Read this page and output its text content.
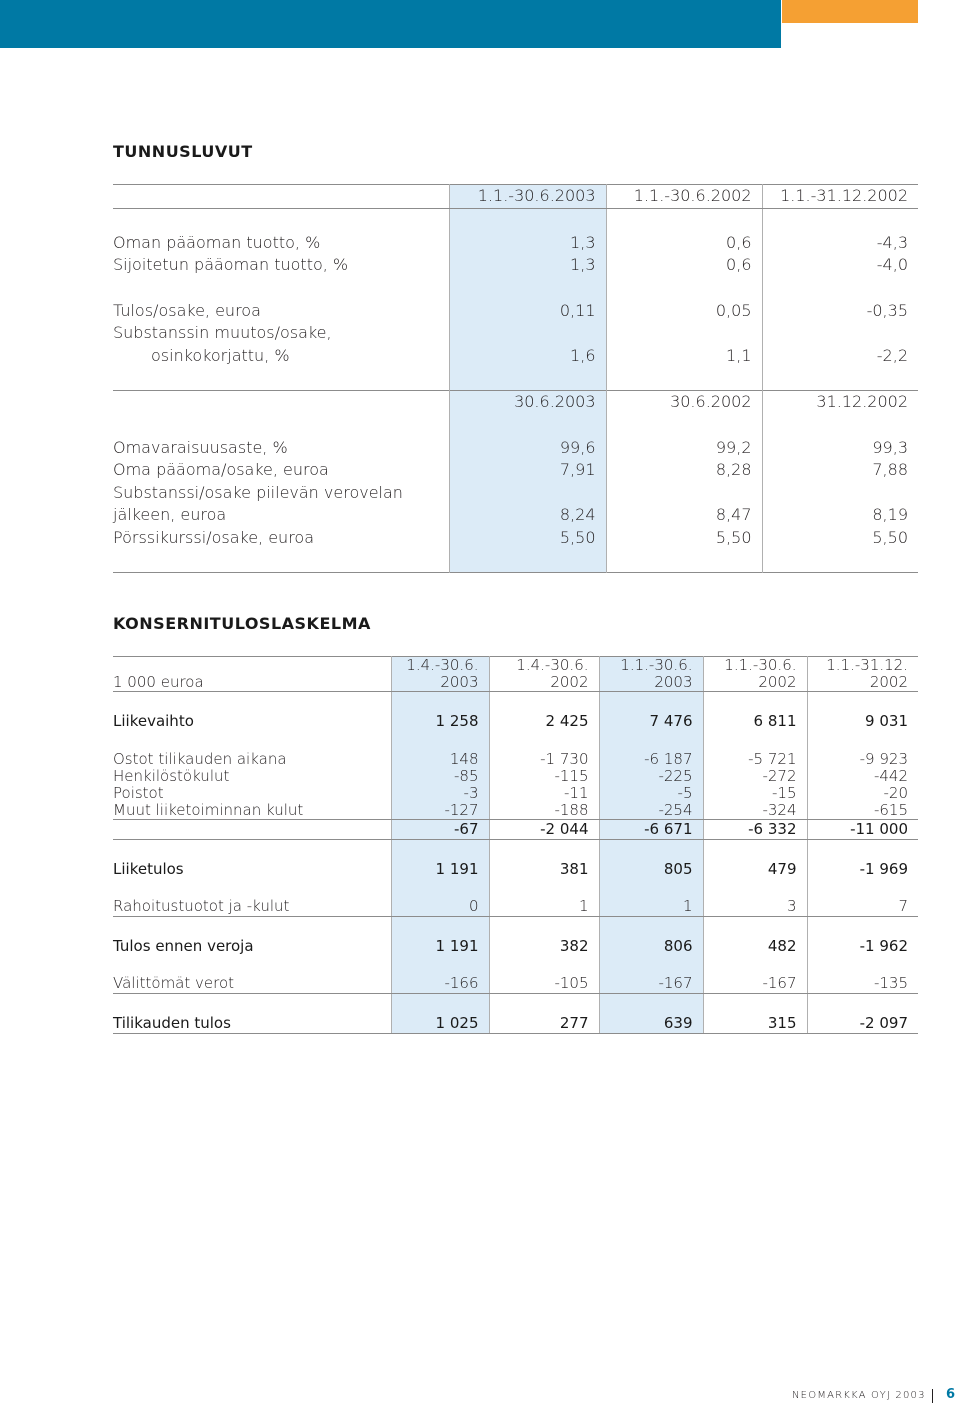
TUNNUSLUVUT
	1.1.-30.6.2003	1.1.-30.6.2002	1.1.-31.12.2002

Oman pääoman tuotto, %	1,3	0,6	-4,3
Sijoitetun pääoman tuotto, %	1,3	0,6	-4,0

Tulos/osake, euroa	0,11	0,05	-0,35
Substanssin muutos/osake,			
osinkokorjattu, %	1,6	1,1	-2,2

	30.6.2003	30.6.2002	31.12.2002

Omavaraisuusaste, %	99,6	99,2	99,3
Oma pääoma/osake, euroa	7,91	8,28	7,88
Substanssi/osake piilevän verovelan			
jälkeen, euroa	8,24	8,47	8,19
Pörssikurssi/osake, euroa	5,50	5,50	5,50

KONSERNITULOSLASKELMA
	1.4.-30.6.	1.4.-30.6.	1.1.-30.6.	1.1.-30.6.	1.1.-31.12.
1 000 euroa	2003	2002	2003	2002	2002

Liikevaihto	1 258	2 425	7 476	6 811	9 031

Ostot tilikauden aikana	148	-1 730	-6 187	-5 721	-9 923
Henkilöstökulut	-85	-115	-225	-272	-442
Poistot	-3	-11	-5	-15	-20
Muut liiketoiminnan kulut	-127	-188	-254	-324	-615
	-67	-2 044	-6 671	-6 332	-11 000

Liiketulos	1 191	381	805	479	-1 969

Rahoitustuotot ja -kulut	0	1	1	3	7

Tulos ennen veroja	1 191	382	806	482	-1 962

Välittömät verot	-166	-105	-167	-167	-135

Tilikauden tulos	1 025	277	639	315	-2 097
NEOMARKKA OYJ 2003 6
